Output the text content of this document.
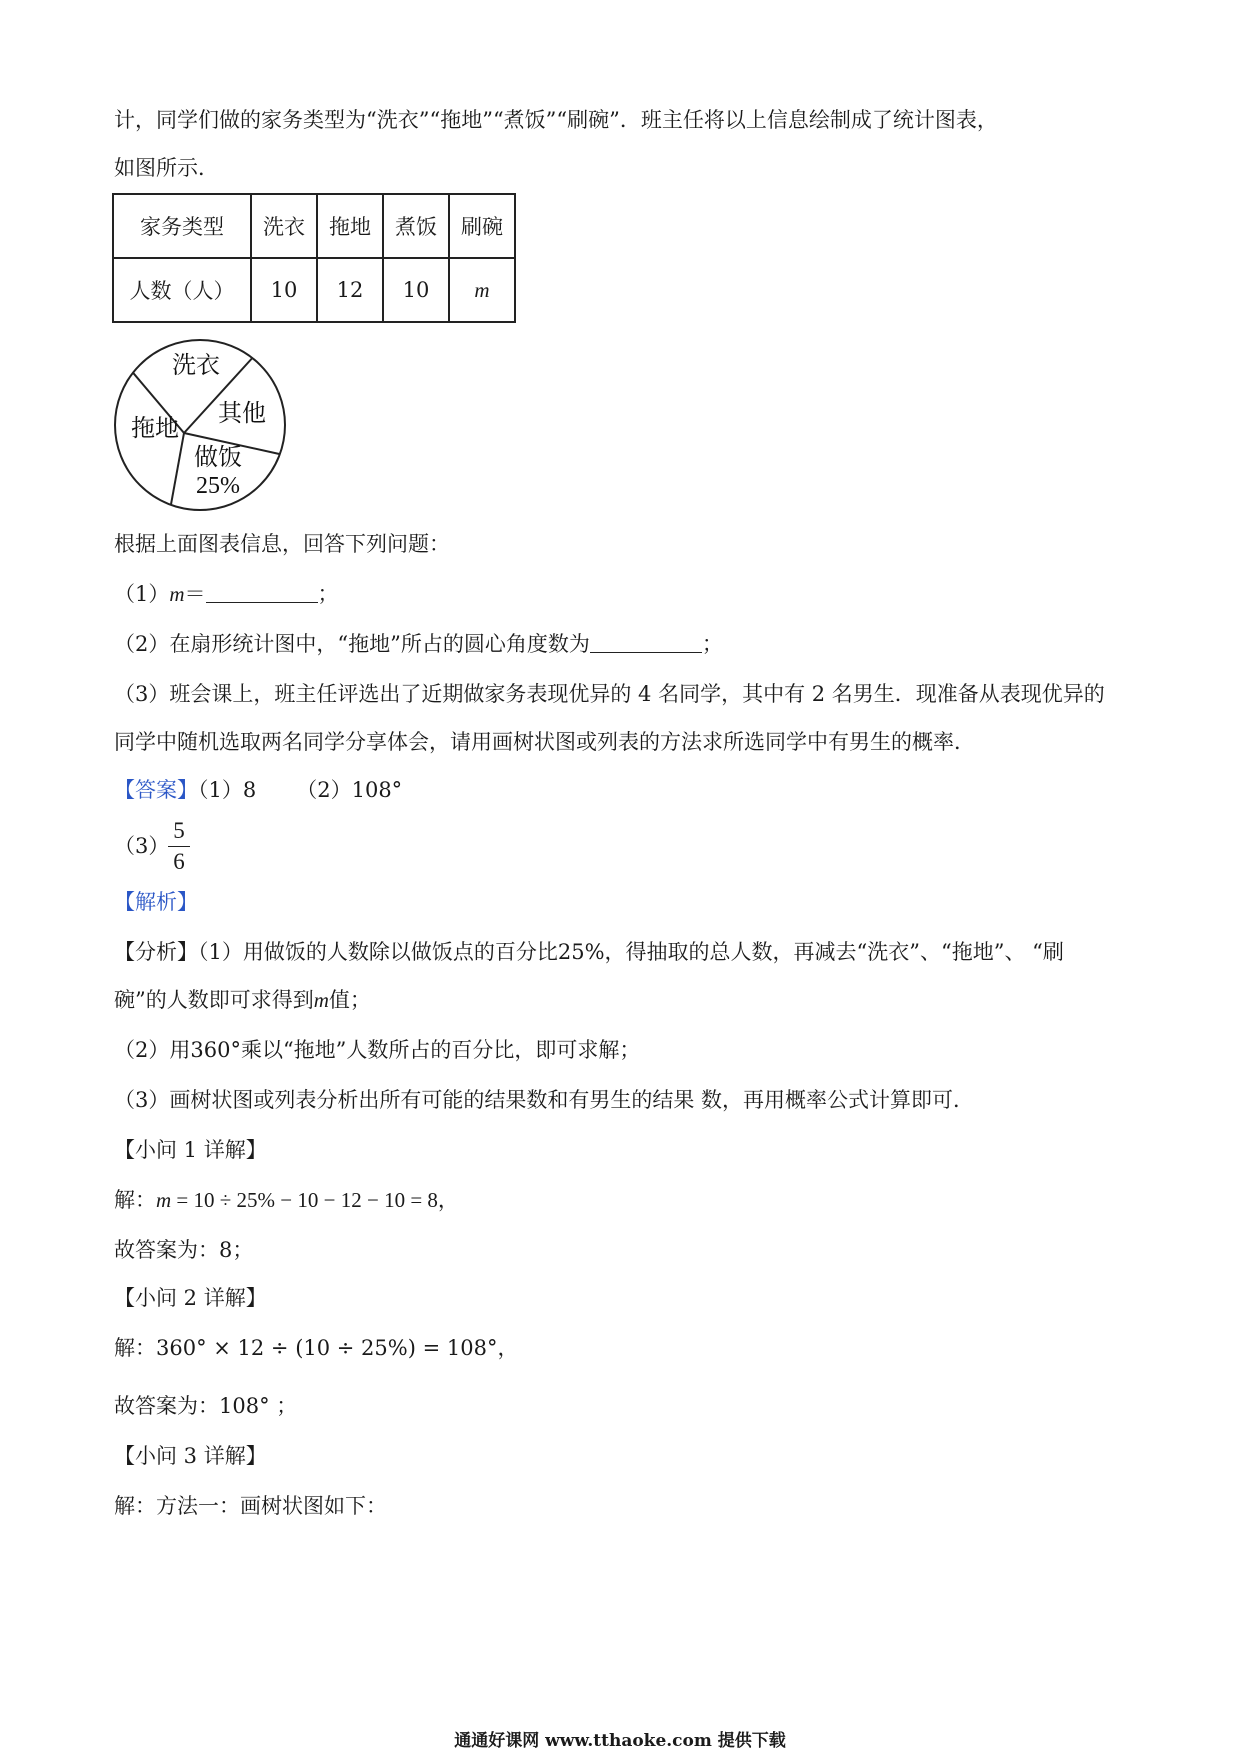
计，同学们做的家务类型为“洗衣”“拖地”“煮饭”“刷碗”．班主任将以上信息绘制成了统计图表，
如图所示．
家务类型	洗衣	拖地	煮饭	刷碗
人数（人）	10	12	10	m
洗衣
其他
拖地
做饭
25%
根据上面图表信息，回答下列问题：
（1）m＝	；
（2）在扇形统计图中，“拖地”所占的圆心角度数为	；
（3）班会课上，班主任评选出了近期做家务表现优异的 4 名同学，其中有 2 名男生．现准备从表现优异的
同学中随机选取两名同学分享体会，请用画树状图或列表的方法求所选同学中有男生的概率．
【答案】（1）8 （2）108°
（3）
5
6
【解析】
【分析】（1）用做饭的人数除以做饭点的百分比25%，得抽取的总人数，再减去“洗衣”、“拖地”、 “刷
碗”的人数即可求得到m值；
（2）用360°乘以“拖地”人数所占的百分比，即可求解；
（3）画树状图或列表分析出所有可能的结果数和有男生的结果 数，再用概率公式计算即可．
【小问 1 详解】
解：m = 10 ÷ 25% − 10 − 12 − 10 = 8，
故答案为：8；
【小问 2 详解】
解：360° × 12 ÷ (10 ÷ 25%) = 108°，
故答案为：108° ；
【小问 3 详解】
解：方法一：画树状图如下：
通通好课网 www.tthaoke.com 提供下载
